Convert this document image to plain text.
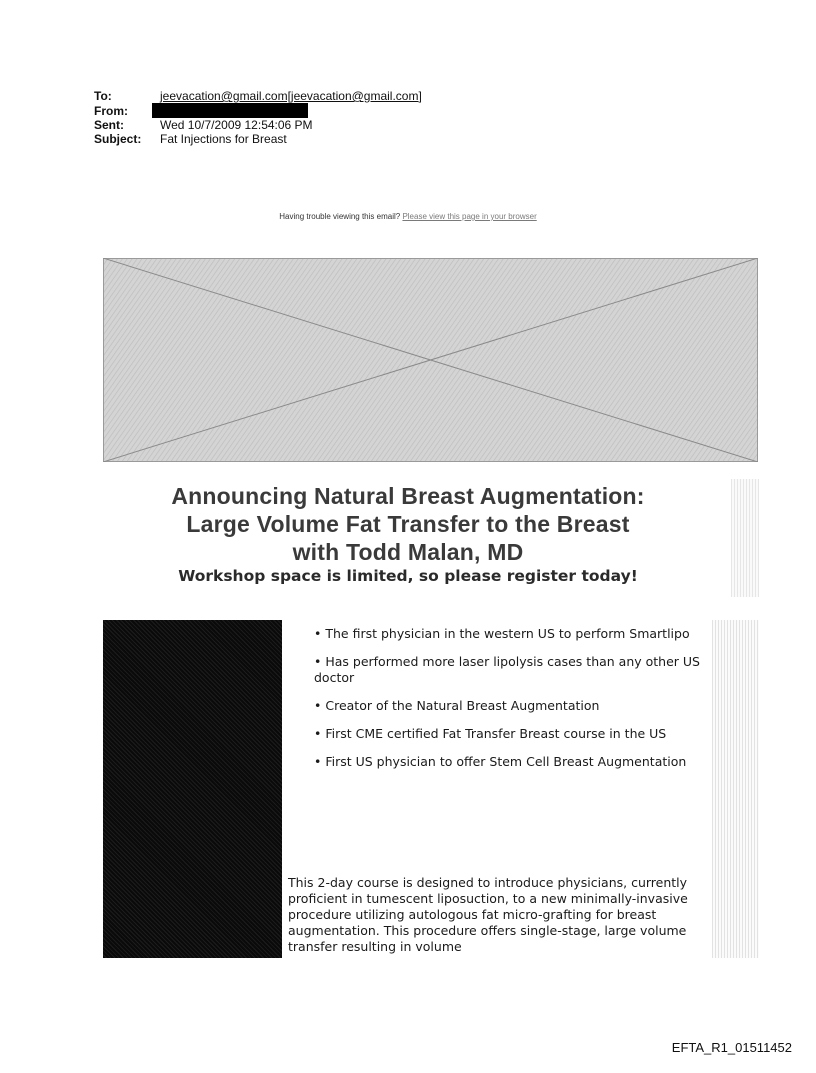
To:	jeevacation@gmail.com[jeevacation@gmail.com]
From:
Sent:	Wed 10/7/2009 12:54:06 PM
Subject:	Fat Injections for Breast
Having trouble viewing this email? Please view this page in your browser
Announcing Natural Breast Augmentation:
Large Volume Fat Transfer to the Breast
with Todd Malan, MD
Workshop space is limited, so please register today!
• The first physician in the western US to perform Smartlipo
• Has performed more laser lipolysis cases than any other US doctor
• Creator of the Natural Breast Augmentation
• First CME certified Fat Transfer Breast course in the US
• First US physician to offer Stem Cell Breast Augmentation
This 2-day course is designed to introduce physicians, currently proficient in tumescent liposuction, to a new minimally-invasive procedure utilizing autologous fat micro-grafting for breast augmentation. This procedure offers single-stage, large volume transfer resulting in volume
EFTA_R1_01511452
